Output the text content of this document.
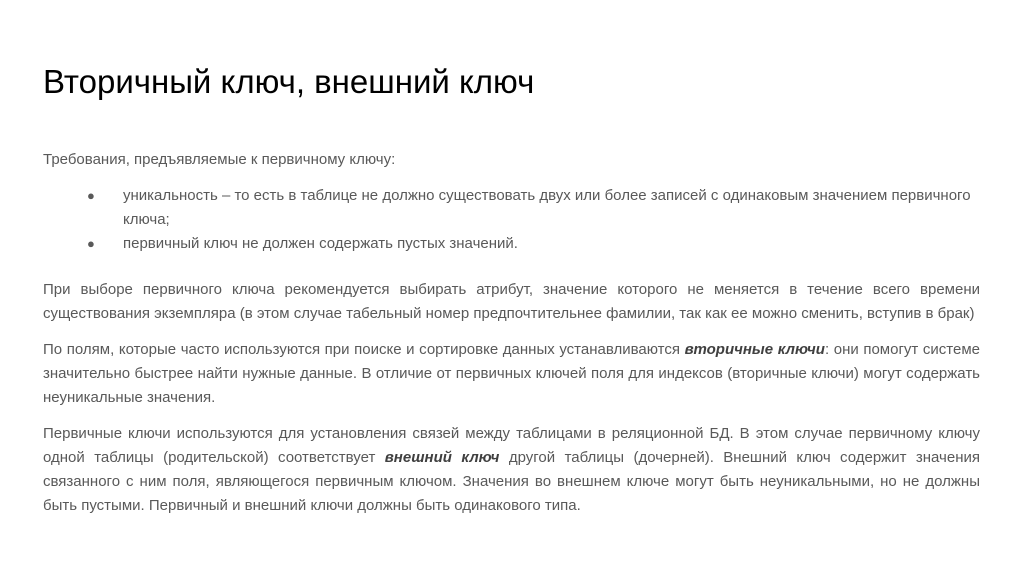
Вторичный ключ, внешний ключ

Требования, предъявляемые к первичному ключу:

● уникальность – то есть в таблице не должно существовать двух или более записей с одинаковым значением первичного ключа;
● первичный ключ не должен содержать пустых значений.

При выборе первичного ключа рекомендуется выбирать атрибут, значение которого не меняется в течение всего времени существования экземпляра (в этом случае табельный номер предпочтительнее фамилии, так как ее можно сменить, вступив в брак)

По полям, которые часто используются при поиске и сортировке данных устанавливаются вторичные ключи: они помогут системе значительно быстрее найти нужные данные. В отличие от первичных ключей поля для индексов (вторичные ключи) могут содержать неуникальные значения.

Первичные ключи используются для установления связей между таблицами в реляционной БД. В этом случае первичному ключу одной таблицы (родительской) соответствует внешний ключ другой таблицы (дочерней). Внешний ключ содержит значения связанного с ним поля, являющегося первичным ключом. Значения во внешнем ключе могут быть неуникальными, но не должны быть пустыми. Первичный и внешний ключи должны быть одинакового типа.
